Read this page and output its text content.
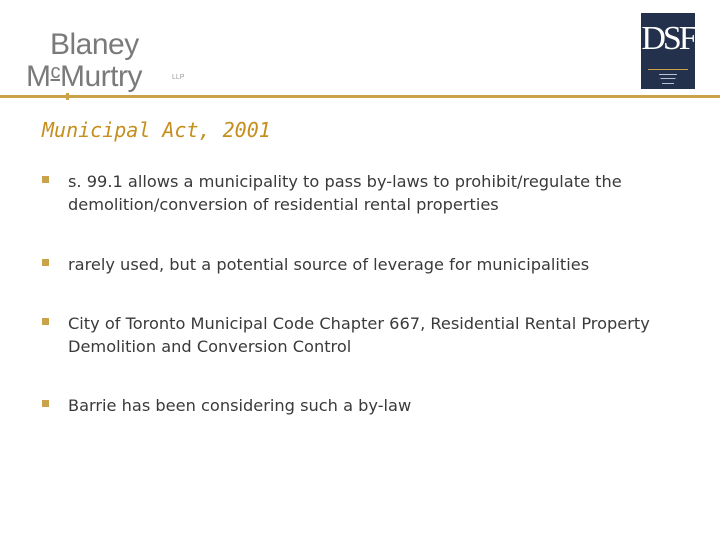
Blaney
$M^cMurtry$	LLP
DSF
▬▬▬▬▬▬
▬▬▬▬▬
▬▬▬▬
Municipal Act, 2001
s. 99.1 allows a municipality to pass by-laws to prohibit/regulate the demolition/conversion of residential rental properties
rarely used, but a potential source of leverage for municipalities
City of Toronto Municipal Code Chapter 667, Residential Rental Property Demolition and Conversion Control
Barrie has been considering such a by-law
